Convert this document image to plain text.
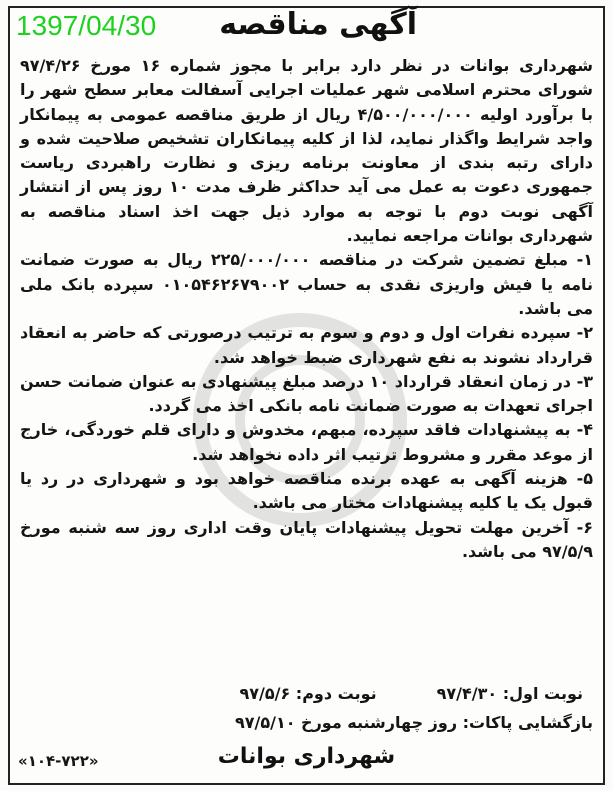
1397/04/30 آگهی مناقصه

شهرداری بوانات در نظر دارد برابر با مجوز شماره ۱۶ مورخ ۹۷/۴/۲۶ شورای محترم اسلامی شهر عملیات اجرایی آسفالت معابر سطح شهر را با برآورد اولیه ۴/۵۰۰/۰۰۰/۰۰۰ ریال از طریق مناقصه عمومی به پیمانکار واجد شرایط واگذار نماید، لذا از کلیه پیمانکاران تشخیص صلاحیت شده و دارای رتبه بندی از معاونت برنامه ریزی و نظارت راهبردی ریاست جمهوری دعوت به عمل می آید حداکثر ظرف مدت ۱۰ روز پس از انتشار آگهی نوبت دوم با توجه به موارد ذیل جهت اخذ اسناد مناقصه به شهرداری بوانات مراجعه نمایید.

۱- مبلغ تضمین شرکت در مناقصه ۲۲۵/۰۰۰/۰۰۰ ریال به صورت ضمانت نامه یا فیش واریزی نقدی به حساب ۰۱۰۵۴۶۲۶۷۹۰۰۲ سپرده بانک ملی می باشد.

۲- سپرده نفرات اول و دوم و سوم به ترتیب درصورتی که حاضر به انعقاد قرارداد نشوند به نفع شهرداری ضبط خواهد شد.

۳- در زمان انعقاد قرارداد ۱۰ درصد مبلغ پیشنهادی به عنوان ضمانت حسن اجرای تعهدات به صورت ضمانت نامه بانکی اخذ می گردد.

۴- به پیشنهادات فاقد سپرده، مبهم، مخدوش و دارای قلم خوردگی، خارج از موعد مقرر و مشروط ترتیب اثر داده نخواهد شد.

۵- هزینه آگهی به عهده برنده مناقصه خواهد بود و شهرداری در رد یا قبول یک یا کلیه پیشنهادات مختار می باشد.

۶- آخرین مهلت تحویل پیشنهادات پایان وقت اداری روز سه شنبه مورخ ۹۷/۵/۹ می باشد.

نوبت اول: ۹۷/۴/۳۰نوبت دوم: ۹۷/۵/۶
بازگشایی پاکات: روز چهارشنبه مورخ ۹۷/۵/۱۰
«۱۰۴-۷۲۲»	شهرداری بوانات
